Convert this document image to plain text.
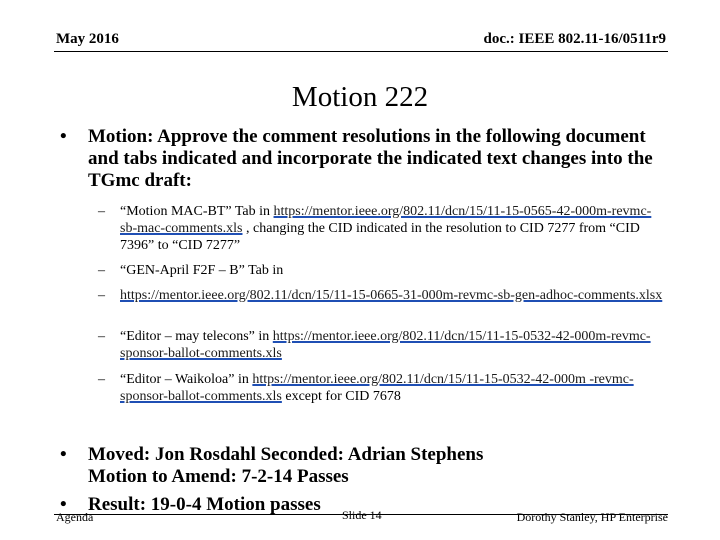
May 2016	doc.: IEEE 802.11-16/0511r9
Motion 222
• Motion: Approve the comment resolutions in the following document and tabs indicated and incorporate the indicated text changes into the TGmc draft:
– “Motion MAC-BT” Tab in https://mentor.ieee.org/802.11/dcn/15/11-15-0565-42-000m-revmc-sb-mac-comments.xls , changing the CID indicated in the resolution to CID 7277 from “CID 7396” to “CID 7277”
– “GEN-April F2F – B” Tab in
– https://mentor.ieee.org/802.11/dcn/15/11-15-0665-31-000m-revmc-sb-gen-adhoc-comments.xlsx
– “Editor – may telecons” in https://mentor.ieee.org/802.11/dcn/15/11-15-0532-42-000m-revmc-sponsor-ballot-comments.xls
– “Editor – Waikoloa” in https://mentor.ieee.org/802.11/dcn/15/11-15-0532-42-000m -revmc-sponsor-ballot-comments.xls except for CID 7678
• Moved: Jon Rosdahl Seconded: Adrian Stephens
Motion to Amend: 7-2-14 Passes
• Result: 19-0-4 Motion passes
Agenda	Slide 14	Dorothy Stanley, HP Enterprise
